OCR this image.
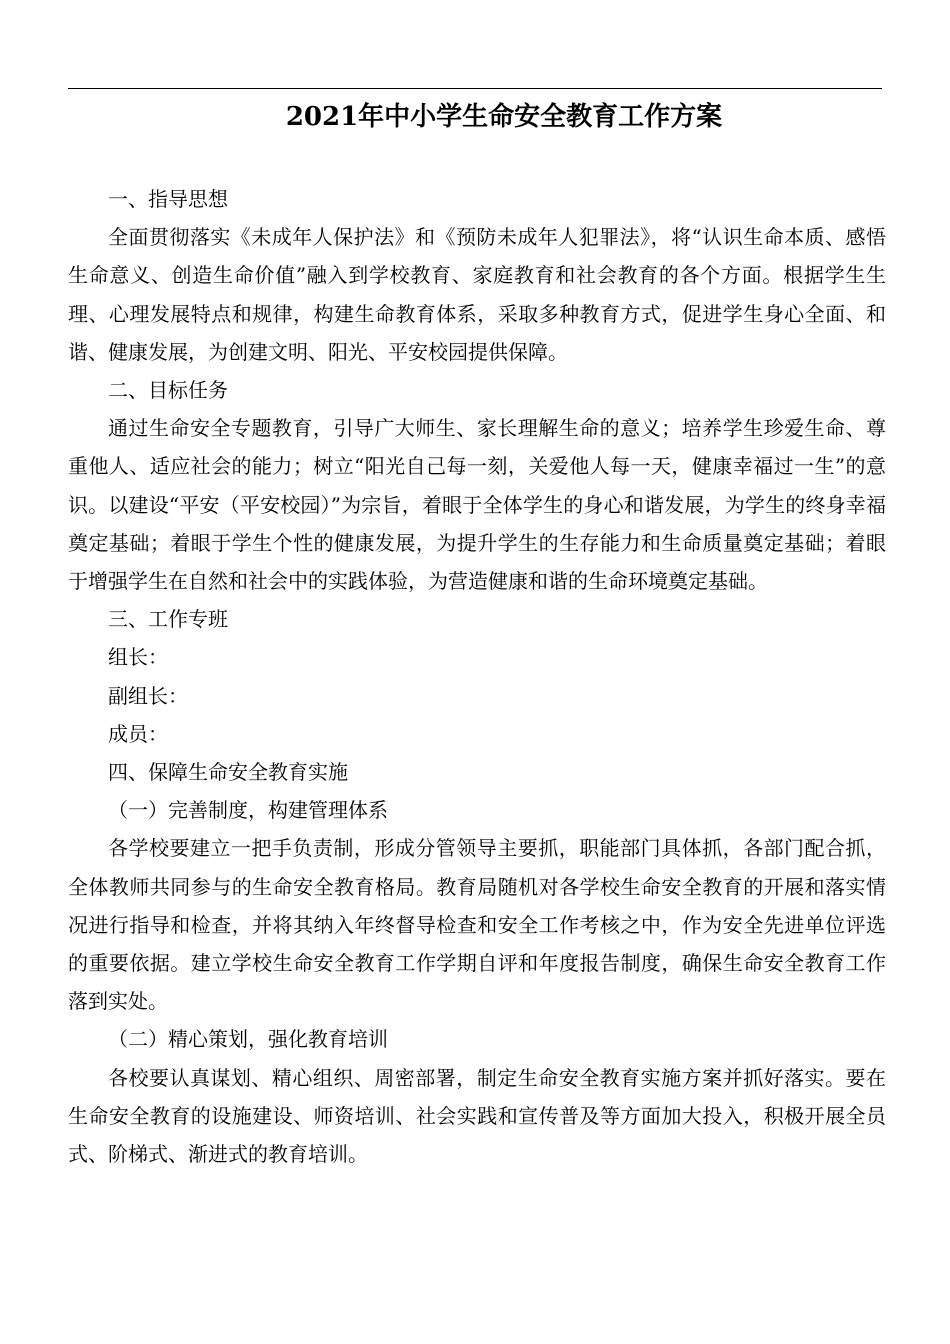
2021年中小学生命安全教育工作方案

一、指导思想

全面贯彻落实《未成年人保护法》和《预防未成年人犯罪法》，将“认识生命本质、感悟生命意义、创造生命价值”融入到学校教育、家庭教育和社会教育的各个方面。根据学生生理、心理发展特点和规律，构建生命教育体系，采取多种教育方式，促进学生身心全面、和谐、健康发展，为创建文明、阳光、平安校园提供保障。

二、目标任务

通过生命安全专题教育，引导广大师生、家长理解生命的意义；培养学生珍爱生命、尊重他人、适应社会的能力；树立“阳光自己每一刻，关爱他人每一天，健康幸福过一生”的意识。以建设“平安（平安校园）”为宗旨，着眼于全体学生的身心和谐发展，为学生的终身幸福奠定基础；着眼于学生个性的健康发展，为提升学生的生存能力和生命质量奠定基础；着眼于增强学生在自然和社会中的实践体验，为营造健康和谐的生命环境奠定基础。

三、工作专班

组长：

副组长：

成员：

四、保障生命安全教育实施

（一）完善制度，构建管理体系

各学校要建立一把手负责制，形成分管领导主要抓，职能部门具体抓，各部门配合抓，全体教师共同参与的生命安全教育格局。教育局随机对各学校生命安全教育的开展和落实情况进行指导和检查，并将其纳入年终督导检查和安全工作考核之中，作为安全先进单位评选的重要依据。建立学校生命安全教育工作学期自评和年度报告制度，确保生命安全教育工作落到实处。

（二）精心策划，强化教育培训

各校要认真谋划、精心组织、周密部署，制定生命安全教育实施方案并抓好落实。要在生命安全教育的设施建设、师资培训、社会实践和宣传普及等方面加大投入，积极开展全员式、阶梯式、渐进式的教育培训。
